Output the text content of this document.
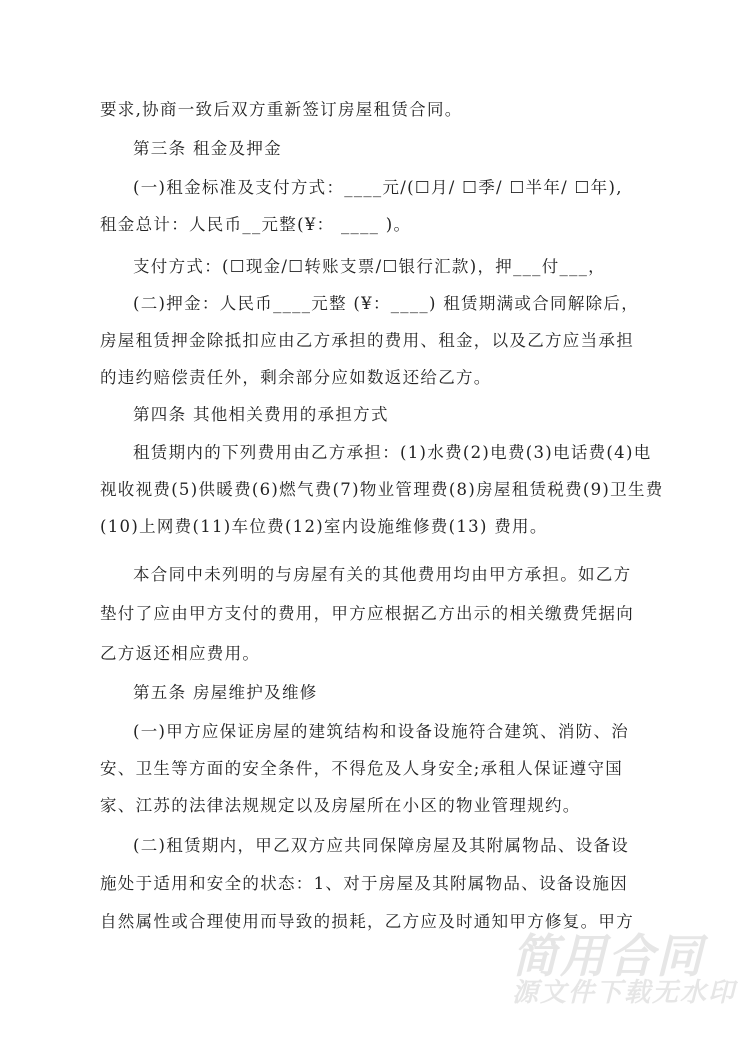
要求,协商一致后双方重新签订房屋租赁合同。
第三条 租金及押金
(一)租金标准及支付方式：____元/(☐月/ ☐季/ ☐半年/ ☐年),
租金总计：人民币__元整(¥： ____ )。
支付方式：(☐现金/☐转账支票/☐银行汇款)，押___付___，
(二)押金：人民币____元整 (¥：____) 租赁期满或合同解除后，
房屋租赁押金除抵扣应由乙方承担的费用、租金，以及乙方应当承担
的违约赔偿责任外，剩余部分应如数返还给乙方。
第四条 其他相关费用的承担方式
租赁期内的下列费用由乙方承担：(1)水费(2)电费(3)电话费(4)电
视收视费(5)供暖费(6)燃气费(7)物业管理费(8)房屋租赁税费(9)卫生费
(10)上网费(11)车位费(12)室内设施维修费(13) 费用。
本合同中未列明的与房屋有关的其他费用均由甲方承担。如乙方
垫付了应由甲方支付的费用，甲方应根据乙方出示的相关缴费凭据向
乙方返还相应费用。
第五条 房屋维护及维修
(一)甲方应保证房屋的建筑结构和设备设施符合建筑、消防、治
安、卫生等方面的安全条件，不得危及人身安全;承租人保证遵守国
家、江苏的法律法规规定以及房屋所在小区的物业管理规约。
(二)租赁期内，甲乙双方应共同保障房屋及其附属物品、设备设
施处于适用和安全的状态：1、对于房屋及其附属物品、设备设施因
自然属性或合理使用而导致的损耗，乙方应及时通知甲方修复。甲方
简用合同
源文件下载无水印
